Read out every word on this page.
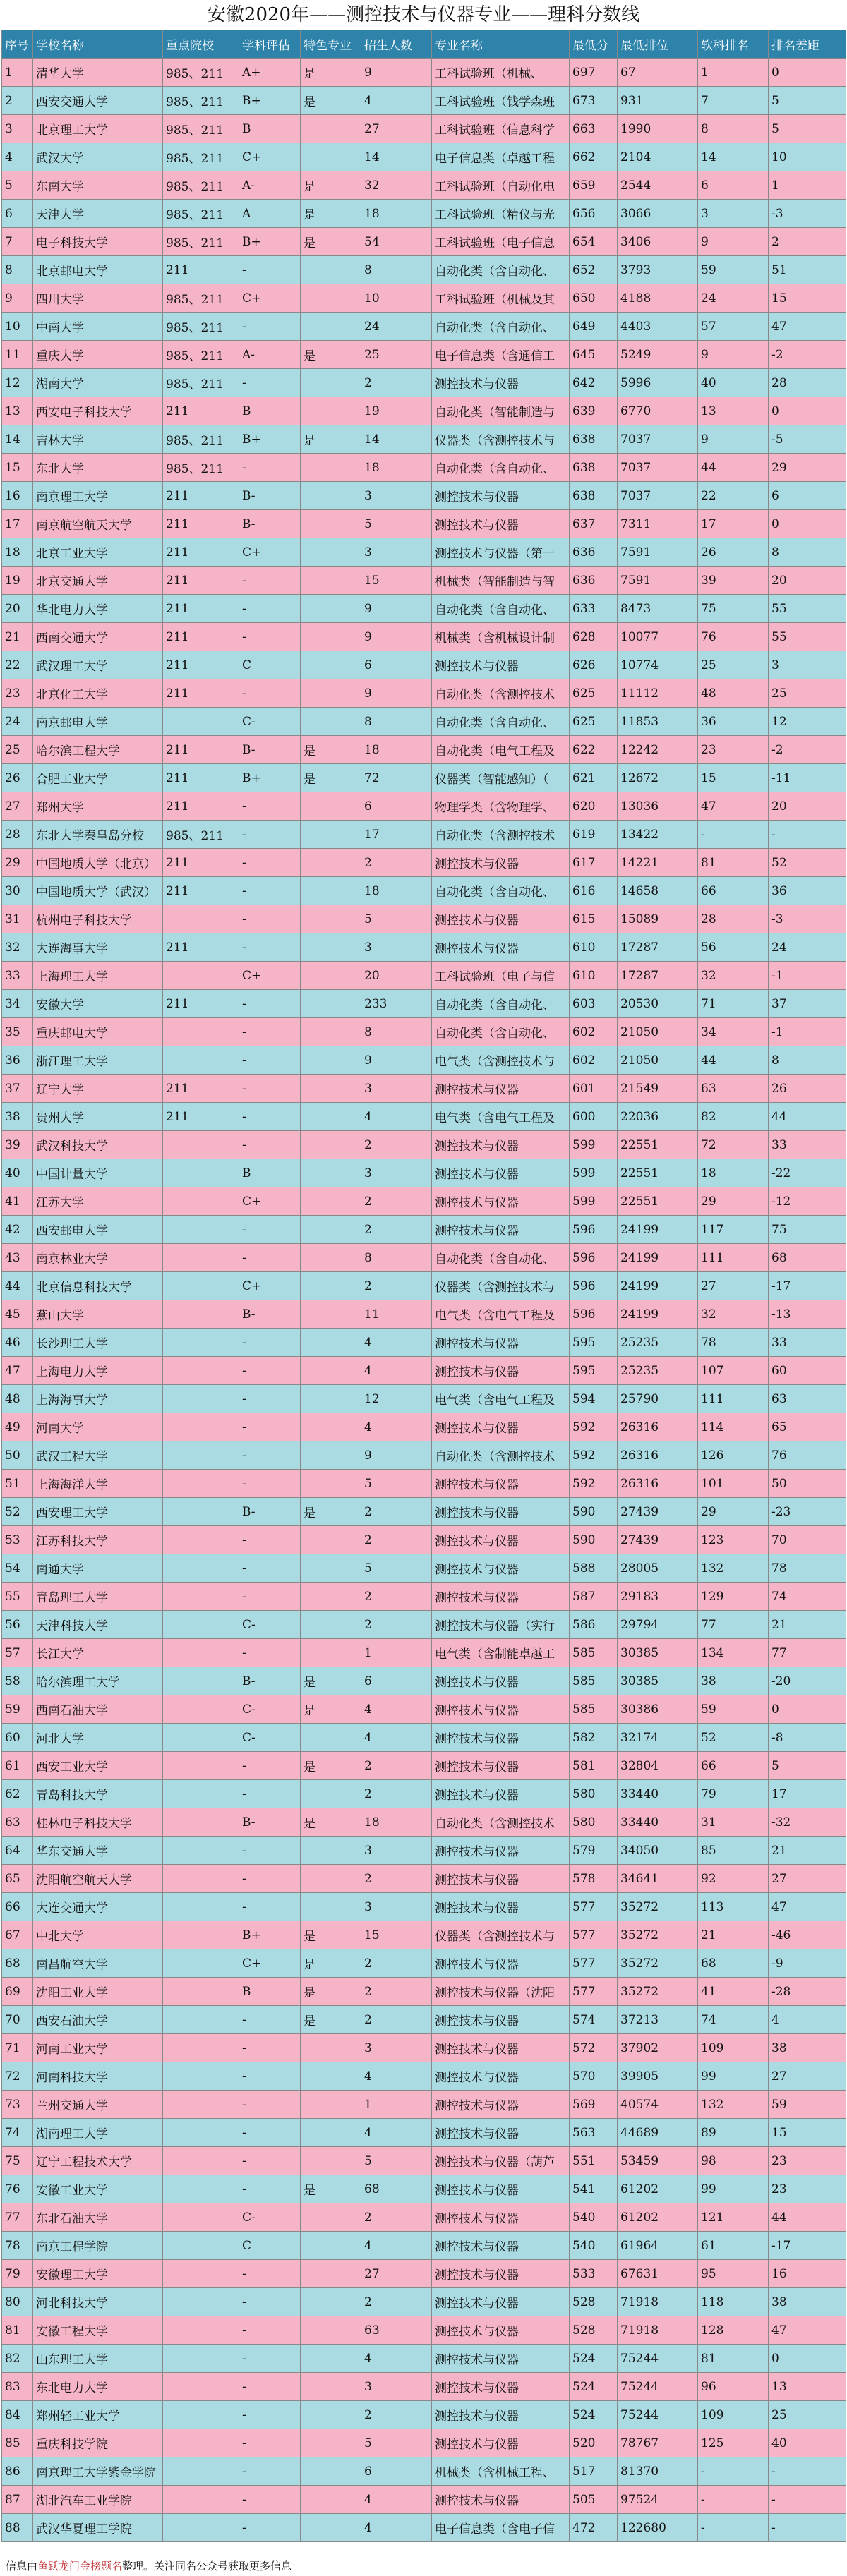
安徽2020年——测控技术与仪器专业——理科分数线
序号	学校名称	重点院校	学科评估	特色专业	招生人数	专业名称	最低分	最低排位	软科排名	排名差距
1	清华大学	985、211	A+	是	9	工科试验班（机械、	697	67	1	0
2	西安交通大学	985、211	B+	是	4	工科试验班（钱学森班	673	931	7	5
3	北京理工大学	985、211	B		27	工科试验班（信息科学	663	1990	8	5
4	武汉大学	985、211	C+		14	电子信息类（卓越工程	662	2104	14	10
5	东南大学	985、211	A-	是	32	工科试验班（自动化电	659	2544	6	1
6	天津大学	985、211	A	是	18	工科试验班（精仪与光	656	3066	3	-3
7	电子科技大学	985、211	B+	是	54	工科试验班（电子信息	654	3406	9	2
8	北京邮电大学	211	-		8	自动化类（含自动化、	652	3793	59	51
9	四川大学	985、211	C+		10	工科试验班（机械及其	650	4188	24	15
10	中南大学	985、211	-		24	自动化类（含自动化、	649	4403	57	47
11	重庆大学	985、211	A-	是	25	电子信息类（含通信工	645	5249	9	-2
12	湖南大学	985、211	-		2	测控技术与仪器	642	5996	40	28
13	西安电子科技大学	211	B		19	自动化类（智能制造与	639	6770	13	0
14	吉林大学	985、211	B+	是	14	仪器类（含测控技术与	638	7037	9	-5
15	东北大学	985、211	-		18	自动化类（含自动化、	638	7037	44	29
16	南京理工大学	211	B-		3	测控技术与仪器	638	7037	22	6
17	南京航空航天大学	211	B-		5	测控技术与仪器	637	7311	17	0
18	北京工业大学	211	C+		3	测控技术与仪器（第一	636	7591	26	8
19	北京交通大学	211	-		15	机械类（智能制造与智	636	7591	39	20
20	华北电力大学	211	-		9	自动化类（含自动化、	633	8473	75	55
21	西南交通大学	211	-		9	机械类（含机械设计制	628	10077	76	55
22	武汉理工大学	211	C		6	测控技术与仪器	626	10774	25	3
23	北京化工大学	211	-		9	自动化类（含测控技术	625	11112	48	25
24	南京邮电大学		C-		8	自动化类（含自动化、	625	11853	36	12
25	哈尔滨工程大学	211	B-	是	18	自动化类（电气工程及	622	12242	23	-2
26	合肥工业大学	211	B+	是	72	仪器类（智能感知）（	621	12672	15	-11
27	郑州大学	211	-		6	物理学类（含物理学、	620	13036	47	20
28	东北大学秦皇岛分校	985、211	-		17	自动化类（含测控技术	619	13422	-	-
29	中国地质大学（北京）	211	-		2	测控技术与仪器	617	14221	81	52
30	中国地质大学（武汉）	211	-		18	自动化类（含自动化、	616	14658	66	36
31	杭州电子科技大学		-		5	测控技术与仪器	615	15089	28	-3
32	大连海事大学	211	-		3	测控技术与仪器	610	17287	56	24
33	上海理工大学		C+		20	工科试验班（电子与信	610	17287	32	-1
34	安徽大学	211	-		233	自动化类（含自动化、	603	20530	71	37
35	重庆邮电大学		-		8	自动化类（含自动化、	602	21050	34	-1
36	浙江理工大学		-		9	电气类（含测控技术与	602	21050	44	8
37	辽宁大学	211	-		3	测控技术与仪器	601	21549	63	26
38	贵州大学	211	-		4	电气类（含电气工程及	600	22036	82	44
39	武汉科技大学		-		2	测控技术与仪器	599	22551	72	33
40	中国计量大学		B		3	测控技术与仪器	599	22551	18	-22
41	江苏大学		C+		2	测控技术与仪器	599	22551	29	-12
42	西安邮电大学		-		2	测控技术与仪器	596	24199	117	75
43	南京林业大学		-		8	自动化类（含自动化、	596	24199	111	68
44	北京信息科技大学		C+		2	仪器类（含测控技术与	596	24199	27	-17
45	燕山大学		B-		11	电气类（含电气工程及	596	24199	32	-13
46	长沙理工大学		-		4	测控技术与仪器	595	25235	78	33
47	上海电力大学		-		4	测控技术与仪器	595	25235	107	60
48	上海海事大学		-		12	电气类（含电气工程及	594	25790	111	63
49	河南大学		-		4	测控技术与仪器	592	26316	114	65
50	武汉工程大学		-		9	自动化类（含测控技术	592	26316	126	76
51	上海海洋大学		-		5	测控技术与仪器	592	26316	101	50
52	西安理工大学		B-	是	2	测控技术与仪器	590	27439	29	-23
53	江苏科技大学		-		2	测控技术与仪器	590	27439	123	70
54	南通大学		-		5	测控技术与仪器	588	28005	132	78
55	青岛理工大学		-		2	测控技术与仪器	587	29183	129	74
56	天津科技大学		C-		2	测控技术与仪器（实行	586	29794	77	21
57	长江大学		-		1	电气类（含制能卓越工	585	30385	134	77
58	哈尔滨理工大学		B-	是	6	测控技术与仪器	585	30385	38	-20
59	西南石油大学		C-	是	4	测控技术与仪器	585	30386	59	0
60	河北大学		C-		4	测控技术与仪器	582	32174	52	-8
61	西安工业大学		-	是	2	测控技术与仪器	581	32804	66	5
62	青岛科技大学		-		2	测控技术与仪器	580	33440	79	17
63	桂林电子科技大学		B-	是	18	自动化类（含测控技术	580	33440	31	-32
64	华东交通大学		-		3	测控技术与仪器	579	34050	85	21
65	沈阳航空航天大学		-		2	测控技术与仪器	578	34641	92	27
66	大连交通大学		-		3	测控技术与仪器	577	35272	113	47
67	中北大学		B+	是	15	仪器类（含测控技术与	577	35272	21	-46
68	南昌航空大学		C+	是	2	测控技术与仪器	577	35272	68	-9
69	沈阳工业大学		B	是	2	测控技术与仪器（沈阳	577	35272	41	-28
70	西安石油大学		-	是	2	测控技术与仪器	574	37213	74	4
71	河南工业大学		-		3	测控技术与仪器	572	37902	109	38
72	河南科技大学		-		4	测控技术与仪器	570	39905	99	27
73	兰州交通大学		-		1	测控技术与仪器	569	40574	132	59
74	湖南理工大学		-		4	测控技术与仪器	563	44689	89	15
75	辽宁工程技术大学		-		5	测控技术与仪器（葫芦	551	53459	98	23
76	安徽工业大学		-	是	68	测控技术与仪器	541	61202	99	23
77	东北石油大学		C-		2	测控技术与仪器	540	61202	121	44
78	南京工程学院		C		4	测控技术与仪器	540	61964	61	-17
79	安徽理工大学		-		27	测控技术与仪器	533	67631	95	16
80	河北科技大学		-		2	测控技术与仪器	528	71918	118	38
81	安徽工程大学		-		63	测控技术与仪器	528	71918	128	47
82	山东理工大学		-		4	测控技术与仪器	524	75244	81	0
83	东北电力大学		-		3	测控技术与仪器	524	75244	96	13
84	郑州轻工业大学		-		2	测控技术与仪器	524	75244	109	25
85	重庆科技学院		-		5	测控技术与仪器	520	78767	125	40
86	南京理工大学紫金学院		-		6	机械类（含机械工程、	517	81370	-	-
87	湖北汽车工业学院		-		4	测控技术与仪器	505	97524	-	-
88	武汉华夏理工学院		-		4	电子信息类（含电子信	472	122680	-	-
信息由鱼跃龙门金榜题名整理。关注同名公众号获取更多信息
